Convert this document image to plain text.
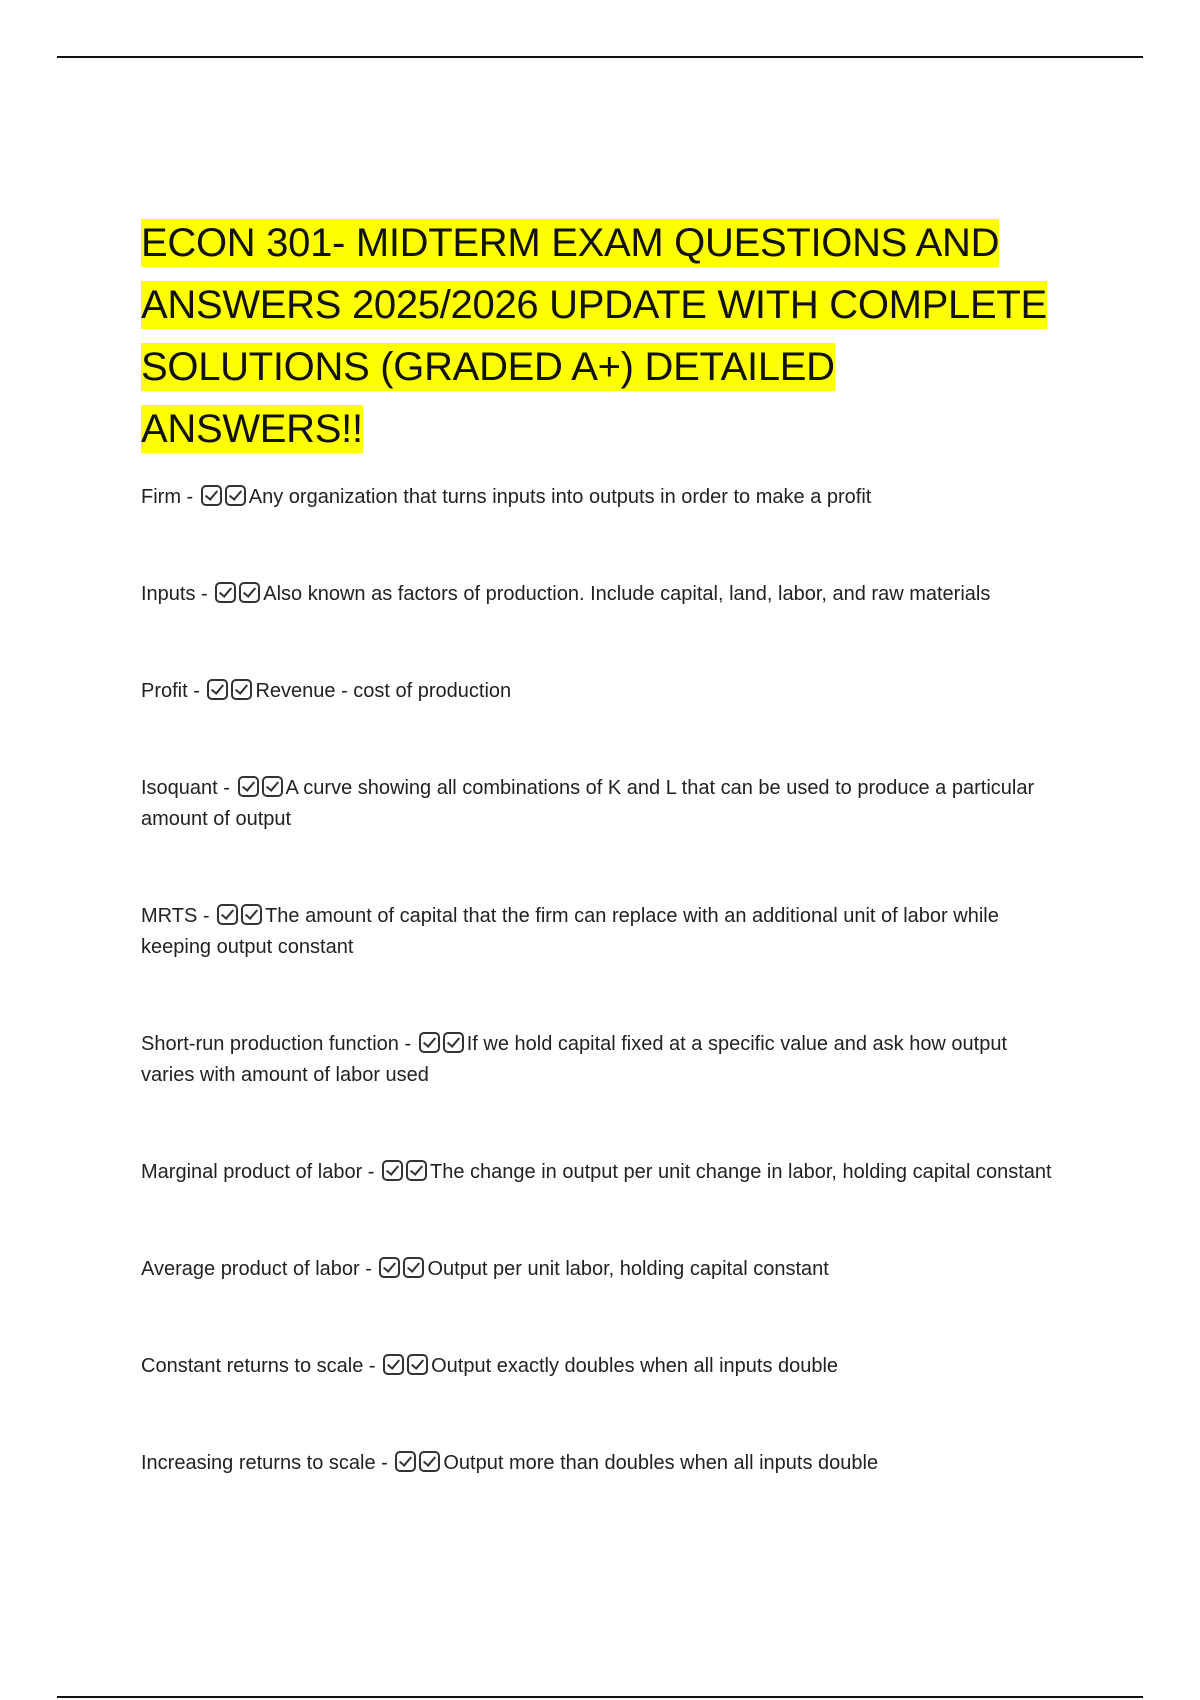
ECON 301- MIDTERM EXAM QUESTIONS AND ANSWERS 2025/2026 UPDATE WITH COMPLETE SOLUTIONS (GRADED A+) DETAILED ANSWERS!!
Firm -	Any organization that turns inputs into outputs in order to make a profit
Inputs -	Also known as factors of production. Include capital, land, labor, and raw materials
Profit -	Revenue - cost of production
Isoquant -	A curve showing all combinations of K and L that can be used to produce a particular amount of output
MRTS -	The amount of capital that the firm can replace with an additional unit of labor while keeping output constant
Short-run production function -	If we hold capital fixed at a specific value and ask how output varies with amount of labor used
Marginal product of labor -	The change in output per unit change in labor, holding capital constant
Average product of labor -	Output per unit labor, holding capital constant
Constant returns to scale -	Output exactly doubles when all inputs double
Increasing returns to scale -	Output more than doubles when all inputs double
